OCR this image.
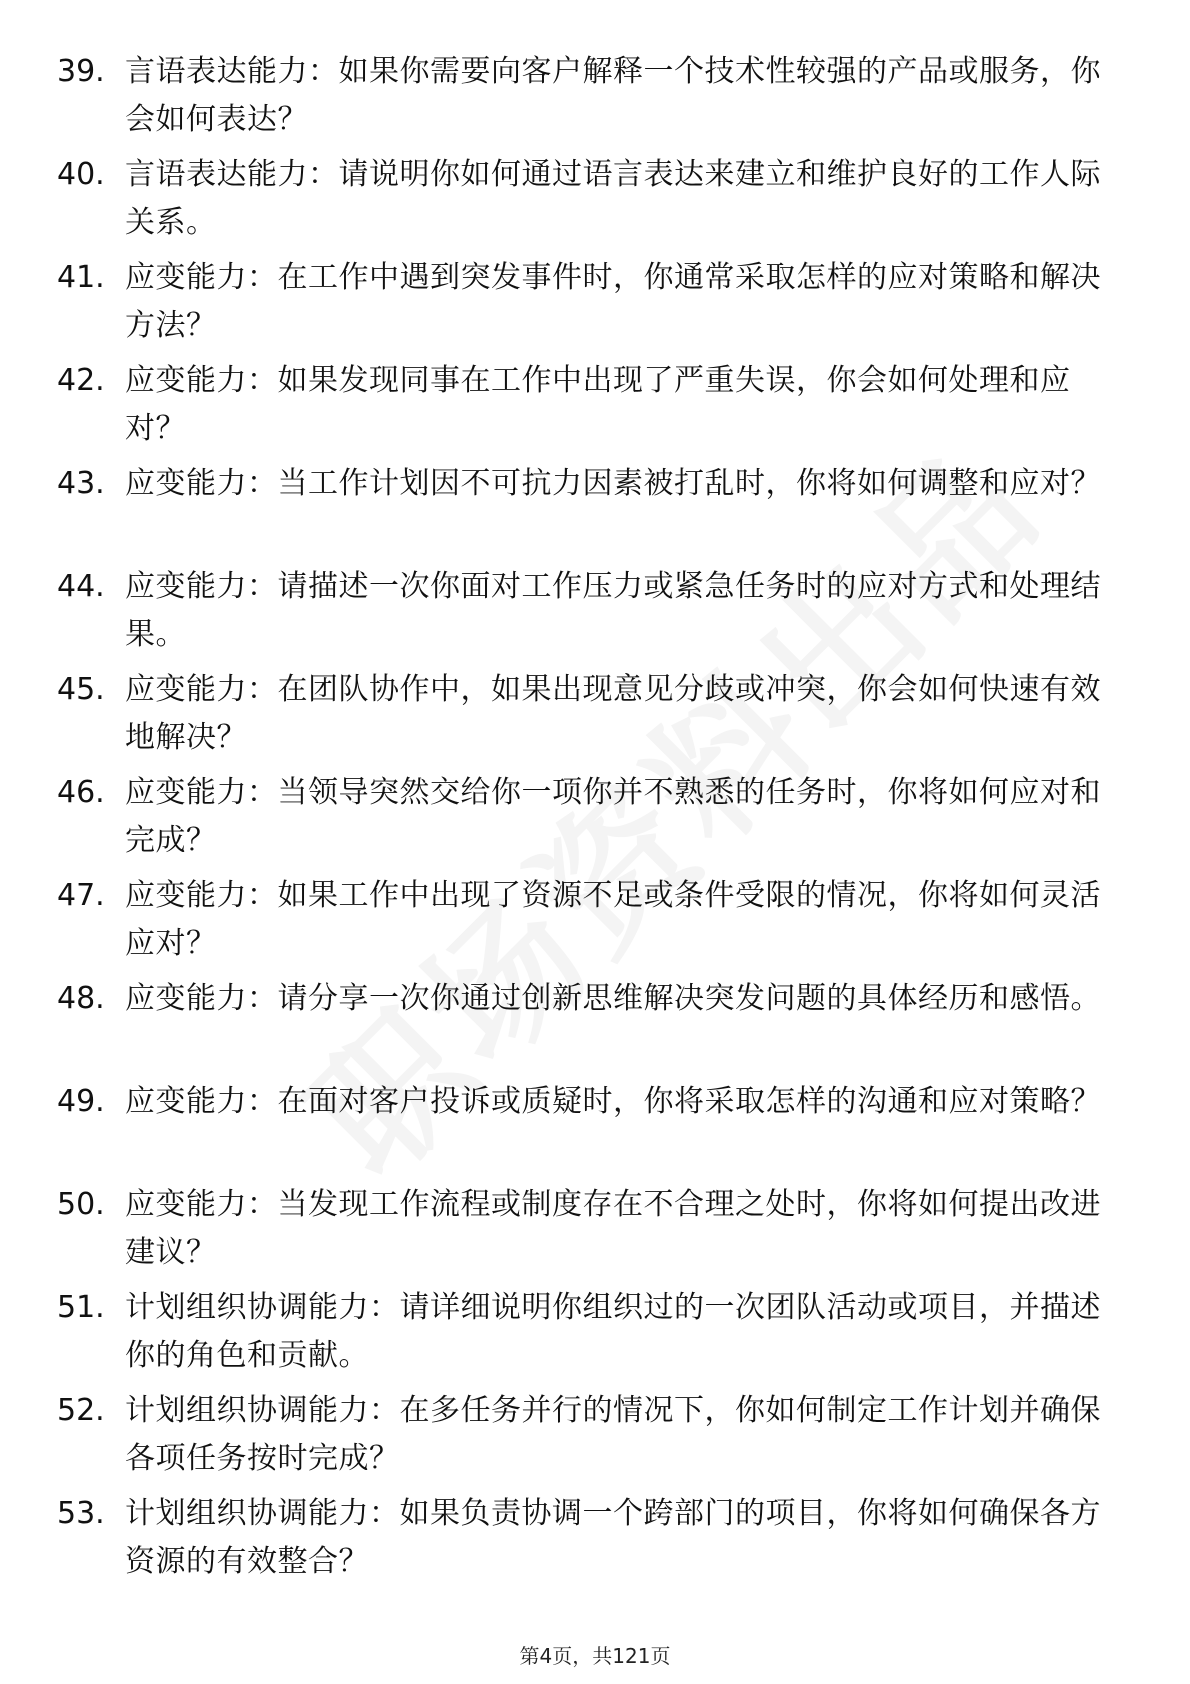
39. 言语表达能力：如果你需要向客户解释一个技术性较强的产品或服务，你会如何表达？
40. 言语表达能力：请说明你如何通过语言表达来建立和维护良好的工作人际关系。
41. 应变能力：在工作中遇到突发事件时，你通常采取怎样的应对策略和解决方法？
42. 应变能力：如果发现同事在工作中出现了严重失误，你会如何处理和应对？
43. 应变能力：当工作计划因不可抗力因素被打乱时，你将如何调整和应对？
44. 应变能力：请描述一次你面对工作压力或紧急任务时的应对方式和处理结果。
45. 应变能力：在团队协作中，如果出现意见分歧或冲突，你会如何快速有效地解决？
46. 应变能力：当领导突然交给你一项你并不熟悉的任务时，你将如何应对和完成？
47. 应变能力：如果工作中出现了资源不足或条件受限的情况，你将如何灵活应对？
48. 应变能力：请分享一次你通过创新思维解决突发问题的具体经历和感悟。
49. 应变能力：在面对客户投诉或质疑时，你将采取怎样的沟通和应对策略？
50. 应变能力：当发现工作流程或制度存在不合理之处时，你将如何提出改进建议？
51. 计划组织协调能力：请详细说明你组织过的一次团队活动或项目，并描述你的角色和贡献。
52. 计划组织协调能力：在多任务并行的情况下，你如何制定工作计划并确保各项任务按时完成？
53. 计划组织协调能力：如果负责协调一个跨部门的项目，你将如何确保各方资源的有效整合？
第4页，共121页
